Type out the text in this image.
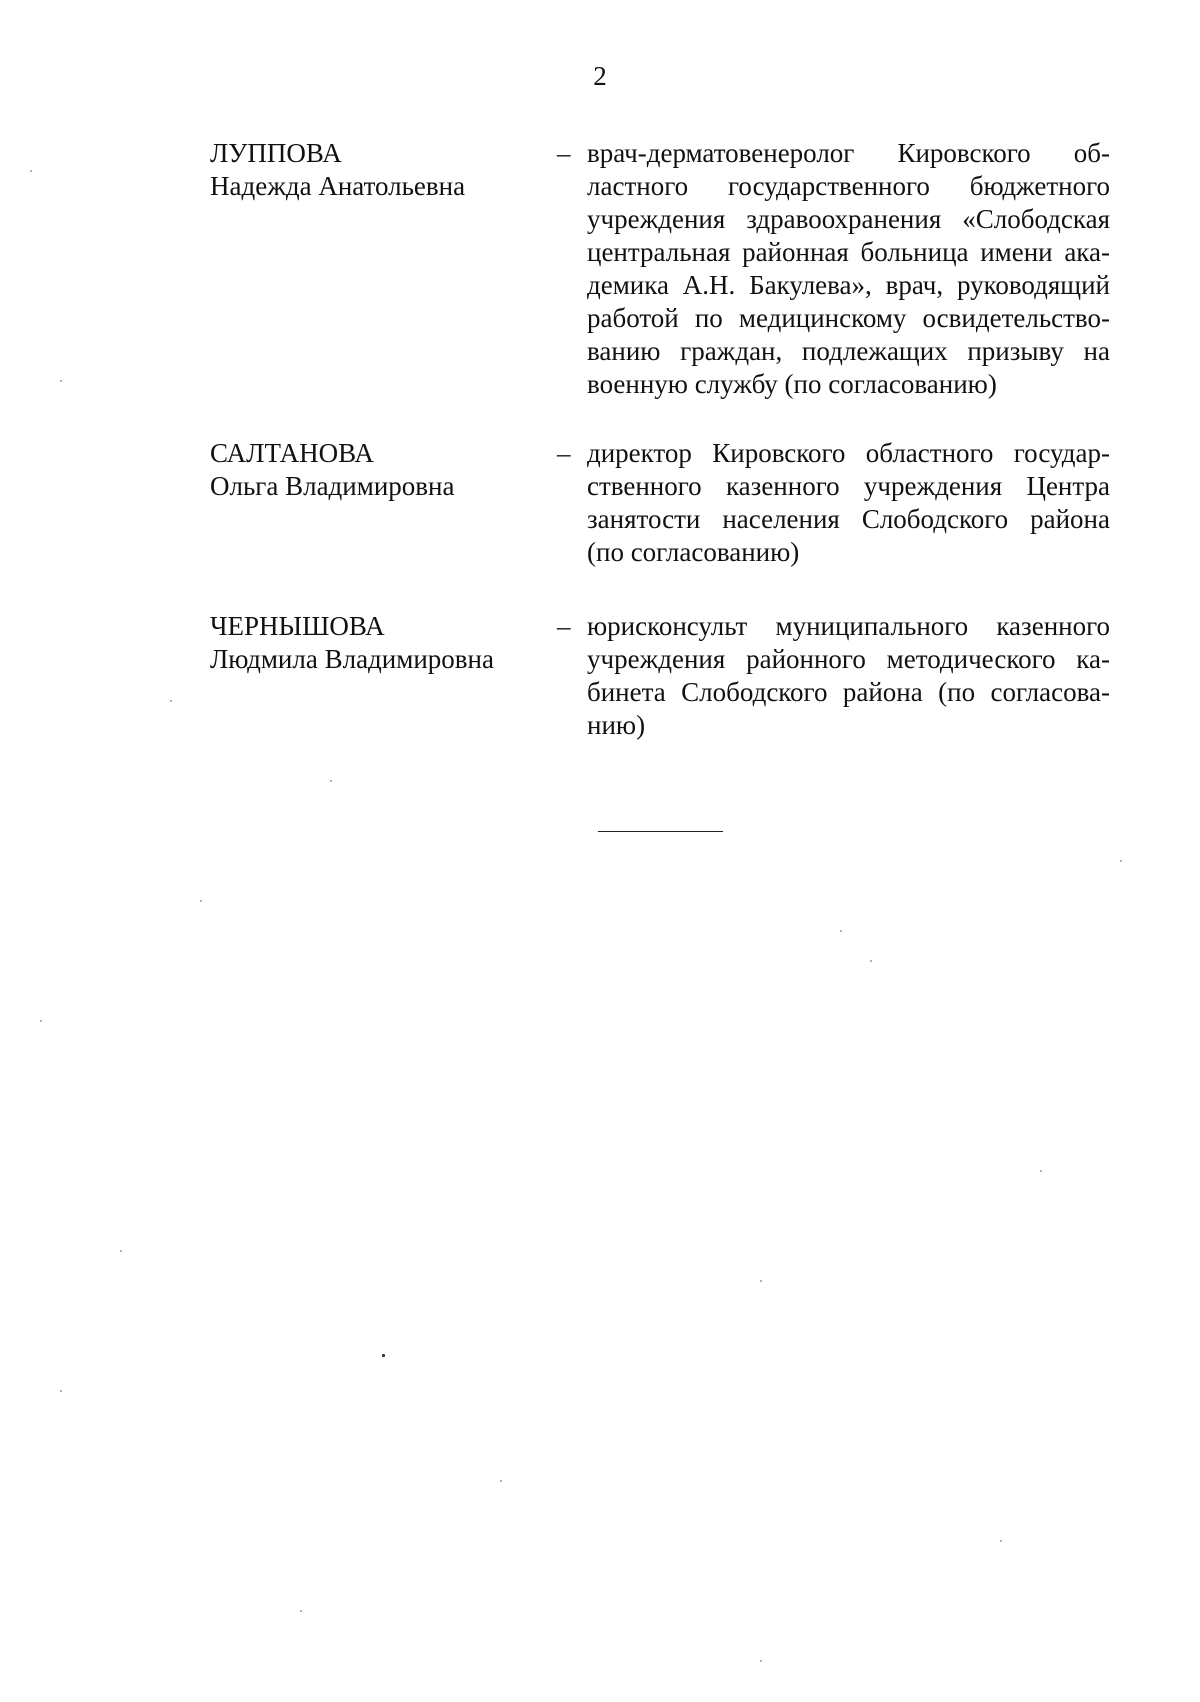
2
ЛУППОВА
Надежда Анатольевна
– врач-дерматовенеролог Кировского об-
ластного государственного бюджетного
учреждения здравоохранения «Слободская
центральная районная больница имени ака-
демика А.Н. Бакулева», врач, руководящий
работой по медицинскому освидетельство-
ванию граждан, подлежащих призыву на
военную службу (по согласованию)
САЛТАНОВА
Ольга Владимировна
– директор Кировского областного государ-
ственного казенного учреждения Центра
занятости населения Слободского района
(по согласованию)
ЧЕРНЫШОВА
Людмила Владимировна
– юрисконсульт муниципального казенного
учреждения районного методического ка-
бинета Слободского района (по согласова-
нию)
